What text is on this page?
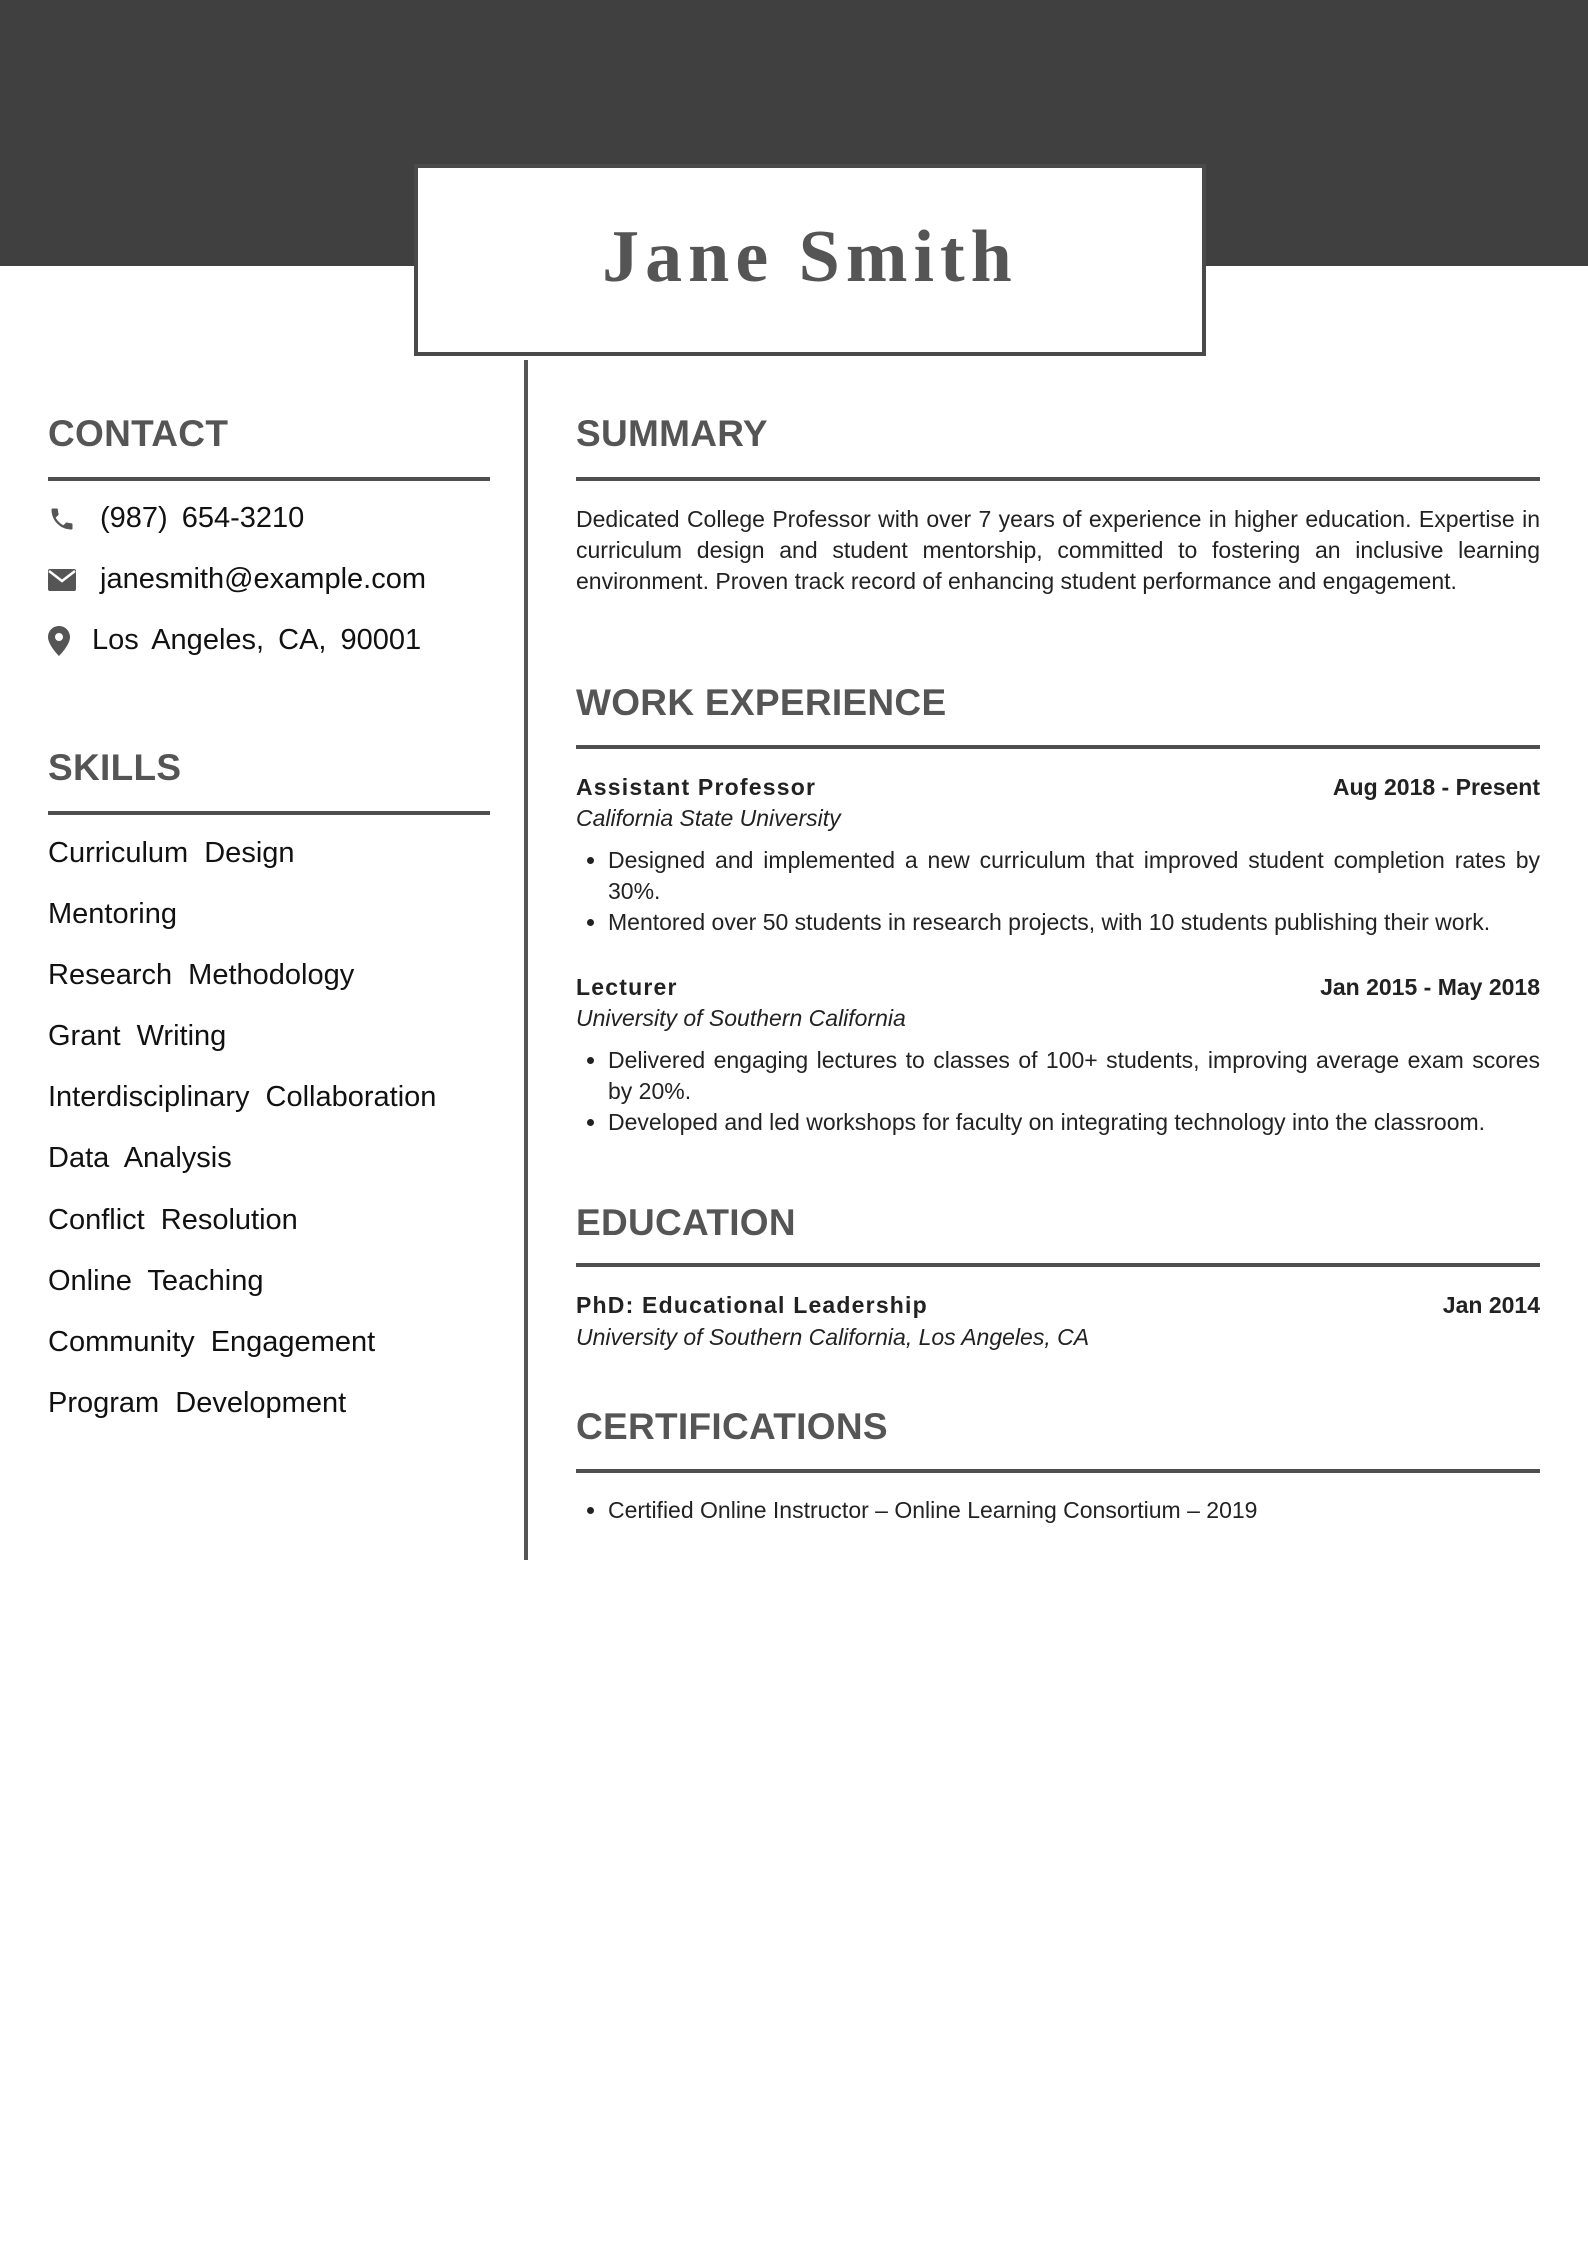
Jane Smith
CONTACT
(987) 654-3210
janesmith@example.com
Los Angeles, CA, 90001
SKILLS
Curriculum Design
Mentoring
Research Methodology
Grant Writing
Interdisciplinary Collaboration
Data Analysis
Conflict Resolution
Online Teaching
Community Engagement
Program Development
SUMMARY

Dedicated College Professor with over 7 years of experience in higher education. Expertise in curriculum design and student mentorship, committed to fostering an inclusive learning environment. Proven track record of enhancing student performance and engagement.

WORK EXPERIENCE
Assistant Professor	Aug 2018 - Present
California State University
• Designed and implemented a new curriculum that improved student completion rates by 30%.
• Mentored over 50 students in research projects, with 10 students publishing their work.
Lecturer	Jan 2015 - May 2018
University of Southern California
• Delivered engaging lectures to classes of 100+ students, improving average exam scores by 20%.
• Developed and led workshops for faculty on integrating technology into the classroom.
EDUCATION
PhD: Educational Leadership	Jan 2014
University of Southern California, Los Angeles, CA
CERTIFICATIONS
• Certified Online Instructor – Online Learning Consortium – 2019
